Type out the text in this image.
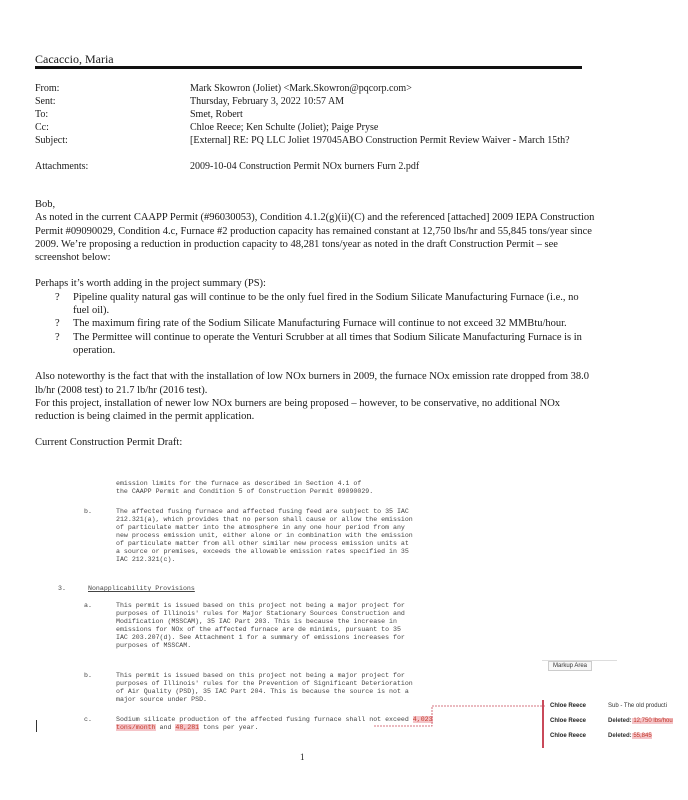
Cacaccio, Maria
From:	Mark Skowron (Joliet) <Mark.Skowron@pqcorp.com>
Sent:	Thursday, February 3, 2022 10:57 AM
To:	Smet, Robert
Cc:	Chloe Reece; Ken Schulte (Joliet); Paige Pryse
Subject:	[External] RE: PQ LLC Joliet 197045ABO Construction Permit Review Waiver - March 15th?
Attachments:	2009-10-04 Construction Permit NOx burners Furn 2.pdf

Bob,

As noted in the current CAAPP Permit (#96030053), Condition 4.1.2(g)(ii)(C) and the referenced [attached] 2009 IEPA Construction Permit #09090029, Condition 4.c, Furnace #2 production capacity has remained constant at 12,750 lbs/hr and 55,845 tons/year since 2009. We’re proposing a reduction in production capacity to 48,281 tons/year as noted in the draft Construction Permit – see screenshot below:

Perhaps it’s worth adding in the project summary (PS):

? Pipeline quality natural gas will continue to be the only fuel fired in the Sodium Silicate Manufacturing Furnace (i.e., no fuel oil).
? The maximum firing rate of the Sodium Silicate Manufacturing Furnace will continue to not exceed 32 MMBtu/hour.
? The Permittee will continue to operate the Venturi Scrubber at all times that Sodium Silicate Manufacturing Furnace is in operation.

Also noteworthy is the fact that with the installation of low NOx burners in 2009, the furnace NOx emission rate dropped from 38.0 lb/hr (2008 test) to 21.7 lb/hr (2016 test).

For this project, installation of newer low NOx burners are being proposed – however, to be conservative, no additional NOx reduction is being claimed in the permit application.

Current Construction Permit Draft:

emission limits for the furnace as described in Section 4.1 of
the CAAPP Permit and Condition 5 of Construction Permit 09090029.
b.	The affected fusing furnace and affected fusing feed are subject to 35 IAC 212.321(a), which provides that no person shall cause or allow the emission of particulate matter into the atmosphere in any one hour period from any new process emission unit, either alone or in combination with the emission of particulate matter from all other similar new process emission units at a source or premises, exceeds the allowable emission rates specified in 35 IAC 212.321(c).
3.	Nonapplicability Provisions
a.	This permit is issued based on this project not being a major project for purposes of Illinois' rules for Major Stationary Sources Construction and Modification (MSSCAM), 35 IAC Part 203. This is because the increase in emissions for NOx of the affected furnace are de minimis, pursuant to 35 IAC 203.207(d). See Attachment 1 for a summary of emissions increases for purposes of MSSCAM.
b.	This permit is issued based on this project not being a major project for purposes of Illinois' rules for the Prevention of Significant Deterioration of Air Quality (PSD), 35 IAC Part 204. This is because the source is not a major source under PSD.
c.	Sodium silicate production of the affected fusing furnace shall not exceed 4,023 tons/month and 48,281 tons per year.
Markup Area
Chloe Reece	Sub - The old producti
Chloe Reece	Deleted: 12,750 lbs/hou
Chloe Reece	Deleted: 55,845
1
